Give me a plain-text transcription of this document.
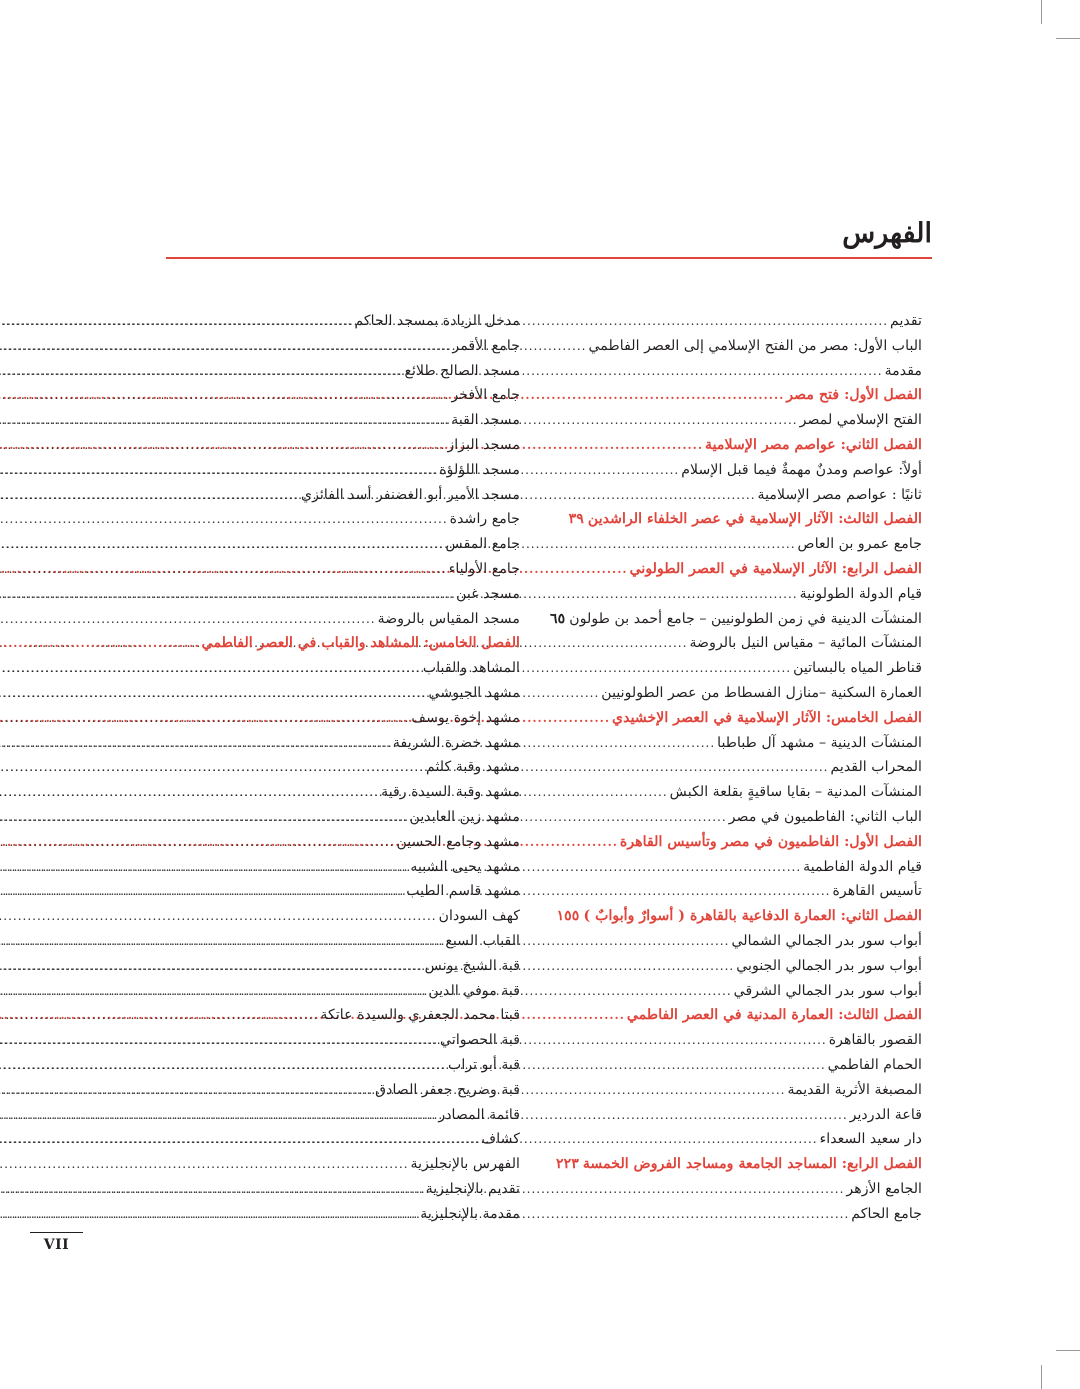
الفهرس
تقديم
.....
الباب الأول: مصر من الفتح الإسلامي إلى العصر الفاطمي
.....
مقدمة
.....
الفصل الأول: فتح مصر
.....
الفتح الإسلامي لمصر
.....
الفصل الثاني: عواصم مصر الإسلامية
.....
أولاً: عواصم ومدنٌ مهمةٌ فيما قبل الإسلام
.....
ثانيًا : عواصم مصر الإسلامية
.....
الفصل الثالث: الآثار الإسلامية في عصر الخلفاء الراشدين
٣٩
جامع عمرو بن العاص
.....
الفصل الرابع: الآثار الإسلامية في العصر الطولوني
.....
قيام الدولة الطولونية
.....
المنشآت الدينية في زمن الطولونيين – جامع أحمد بن طولون
٦٥
المنشآت المائية – مقياس النيل بالروضة
.....
قناطر المياه بالبساتين
.....
العمارة السكنية –منازل الفسطاط من عصر الطولونيين
.....
الفصل الخامس: الآثار الإسلامية في العصر الإخشيدي
.....
المنشآت الدينية – مشهد آل طباطبا
.....
المحراب القديم
.....
المنشآت المدنية – بقايا ساقيةٍ بقلعة الكبش
.....
الباب الثاني: الفاطميون في مصر
.....
الفصل الأول: الفاطميون في مصر وتأسيس القاهرة
.....
قيام الدولة الفاطمية
.....
تأسيس القاهرة
.....
الفصل الثاني: العمارة الدفاعية بالقاهرة ( أسوارٌ وأبوابٌ )
١٥٥
أبواب سور بدر الجمالي الشمالي
.....
أبواب سور بدر الجمالي الجنوبي
.....
أبواب سور بدر الجمالي الشرقي
.....
الفصل الثالث: العمارة المدنية في العصر الفاطمي
.....
القصور بالقاهرة
.....
الحمام الفاطمي
.....
المصبغة الأثرية القديمة
.....
قاعة الدردير
.....
دار سعيد السعداء
.....
الفصل الرابع: المساجد الجامعة ومساجد الفروض الخمسة
٢٢٣
الجامع الأزهر
.....
جامع الحاكم
.....
مدخل الزيادة بمسجد الحاكم
.....
جامع الأقمر
.....
مسجد الصالح طلائع
.....
جامع الأفخر
.....
مسجد القبة
.....
مسجد البزاز
.....
مسجد اللؤلؤة
.....
مسجد الأمير أبو الغضنفر أسد الفائزي
.....
جامع راشدة
.....
جامع المقس
.....
جامع الأولياء
.....
مسجد غبن
.....
مسجد المقياس بالروضة
.....
الفصل الخامس: المشاهد والقباب في العصر الفاطمي
.....
المشاهد والقباب
.....
مشهد الجيوشي
.....
مشهد إخوة يوسف
.....
مشهد خضرة الشريفة
.....
مشهد وقبة كلثم
.....
مشهد وقبة السيدة رقية
.....
مشهد زين العابدين
.....
مشهد وجامع الحسين
.....
مشهد يحيى الشبيه
.....
مشهد قاسم الطيب
.....
كهف السودان
.....
القباب السبع
.....
قبة الشيخ يونس
.....
قبة موفي الدين
.....
قبتا محمد الجعفري والسيدة عاتكة
.....
قبة الحصواتي
.....
قبة أبو تراب
.....
قبة وضريح جعفر الصادق
.....
قائمة المصادر
.....
كشاف
.....
الفهرس بالإنجليزية
.....
تقديم بالإنجليزية
.....
مقدمة بالإنجليزية
.....
VII
